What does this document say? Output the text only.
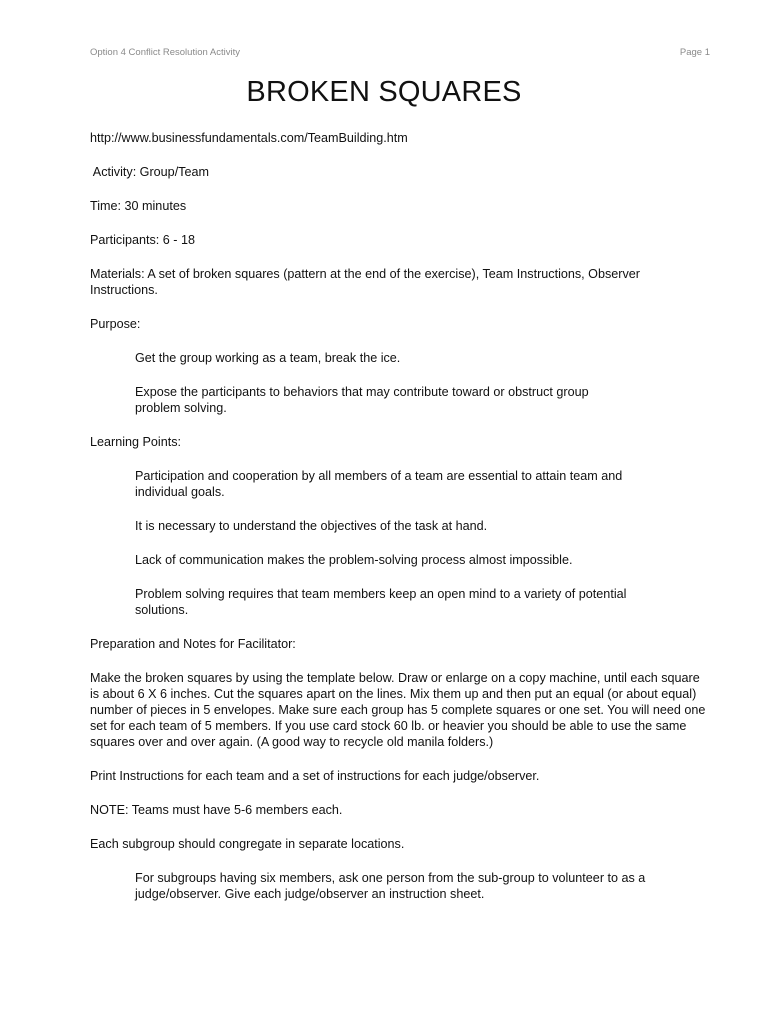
Option 4 Conflict Resolution Activity	Page 1
BROKEN SQUARES

http://www.businessfundamentals.com/TeamBuilding.htm

Activity: Group/Team

Time: 30 minutes

Participants: 6 - 18

Materials: A set of broken squares (pattern at the end of the exercise), Team Instructions, Observer Instructions.

Purpose:

Get the group working as a team, break the ice.

Expose the participants to behaviors that may contribute toward or obstruct group problem solving.

Learning Points:

Participation and cooperation by all members of a team are essential to attain team and individual goals.

It is necessary to understand the objectives of the task at hand.

Lack of communication makes the problem-solving process almost impossible.

Problem solving requires that team members keep an open mind to a variety of potential solutions.

Preparation and Notes for Facilitator:

Make the broken squares by using the template below. Draw or enlarge on a copy machine, until each square is about 6 X 6 inches. Cut the squares apart on the lines. Mix them up and then put an equal (or about equal) number of pieces in 5 envelopes. Make sure each group has 5 complete squares or one set. You will need one set for each team of 5 members. If you use card stock 60 lb. or heavier you should be able to use the same squares over and over again. (A good way to recycle old manila folders.)

Print Instructions for each team and a set of instructions for each judge/observer.

NOTE: Teams must have 5-6 members each.

Each subgroup should congregate in separate locations.

For subgroups having six members, ask one person from the sub-group to volunteer to as a judge/observer. Give each judge/observer an instruction sheet.
